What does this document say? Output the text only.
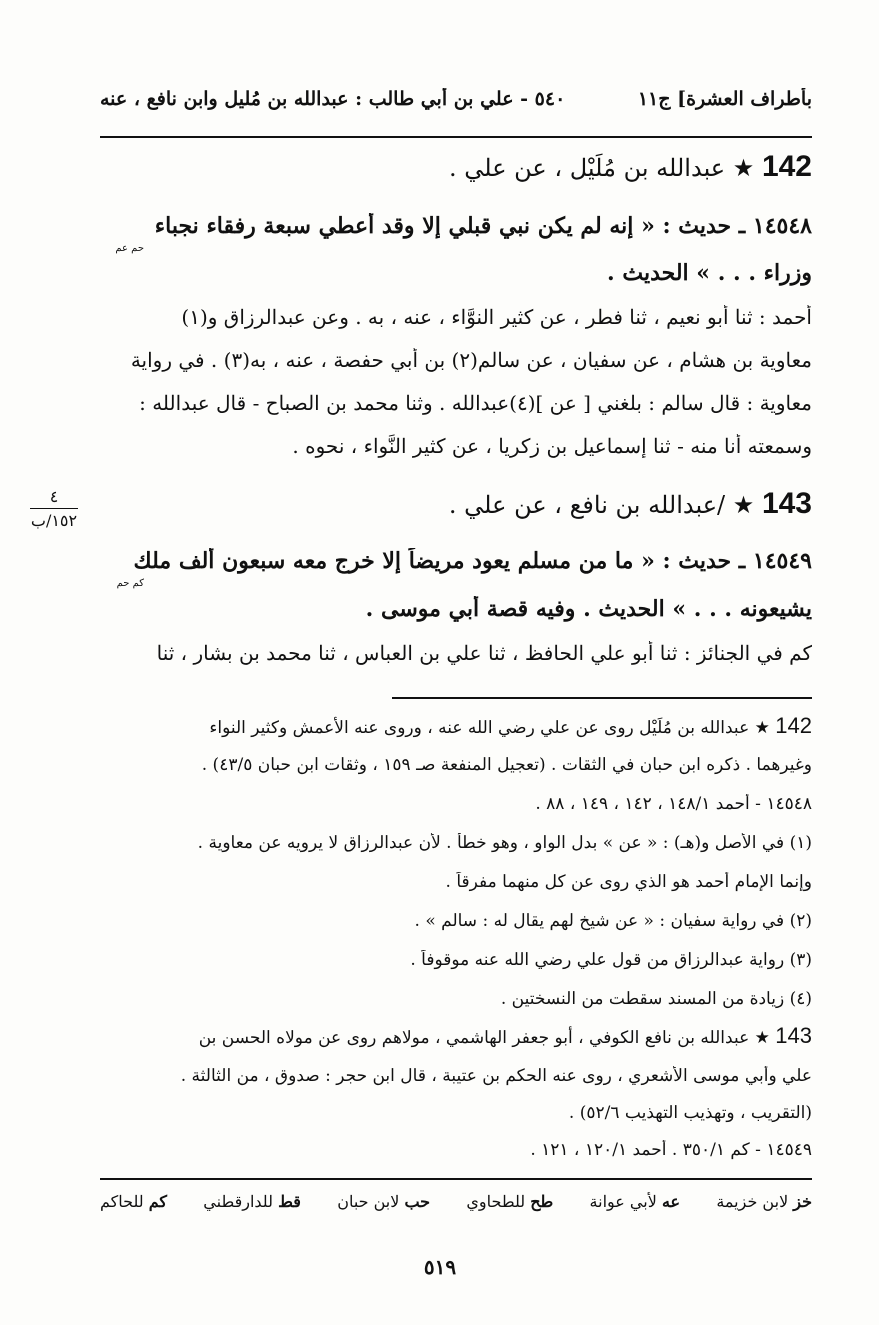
بأطراف العشرة] ج١١
٥٤٠ - علي بن أبي طالب : عبدالله بن مُليل وابن نافع ، عنه
142 ★ عبدالله بن مُلَيْل ، عن علي .
١٤٥٤٨ ـ حديث : « إنه لم يكن نبي قبلي إلا وقد أعطي سبعة رفقاء نجباء
حم عم
وزراء . . . » الحديث .
أحمد : ثنا أبو نعيم ، ثنا فطر ، عن كثير النوَّاء ، عنه ، به . وعن عبدالرزاق و(١)
معاوية بن هشام ، عن سفيان ، عن سالم(٢) بن أبي حفصة ، عنه ، به(٣) . في رواية
معاوية : قال سالم : بلغني [ عن ](٤)عبدالله . وثنا محمد بن الصباح - قال عبدالله :
وسمعته أنا منه - ثنا إسماعيل بن زكريا ، عن كثير النَّواء ، نحوه .
٤
١٥٢/ب
143 ★ /عبدالله بن نافع ، عن علي .
١٤٥٤٩ ـ حديث : « ما من مسلم يعود مريضاً إلا خرج معه سبعون ألف ملك
كم حم
يشيعونه . . . » الحديث . وفيه قصة أبي موسى .
كم في الجنائز : ثنا أبو علي الحافظ ، ثنا علي بن العباس ، ثنا محمد بن بشار ، ثنا
142 ★ عبدالله بن مُلَيْل روى عن علي رضي الله عنه ، وروى عنه الأعمش وكثير النواء
وغيرهما . ذكره ابن حبان في الثقات . (تعجيل المنفعة صـ ١٥٩ ، وثقات ابن حبان ٤٣/٥) .
١٤٥٤٨ - أحمد ١٤٨/١ ، ١٤٢ ، ١٤٩ ، ٨٨ .
(١) في الأصل و(هـ) : « عن » بدل الواو ، وهو خطأ . لأن عبدالرزاق لا يرويه عن معاوية .
وإنما الإمام أحمد هو الذي روى عن كل منهما مفرقاً .
(٢) في رواية سفيان : « عن شيخ لهم يقال له : سالم » .
(٣) رواية عبدالرزاق من قول علي رضي الله عنه موقوفاً .
(٤) زيادة من المسند سقطت من النسختين .
143 ★ عبدالله بن نافع الكوفي ، أبو جعفر الهاشمي ، مولاهم روى عن مولاه الحسن بن
علي وأبي موسى الأشعري ، روى عنه الحكم بن عتيبة ، قال ابن حجر : صدوق ، من الثالثة .
(التقريب ، وتهذيب التهذيب ٥٢/٦) .
١٤٥٤٩ - كم ٣٥٠/١ . أحمد ١٢٠/١ ، ١٢١ .
خز لابن خزيمة
عه لأبي عوانة
طح للطحاوي
حب لابن حبان
قط للدارقطني
كم للحاكم
٥١٩
